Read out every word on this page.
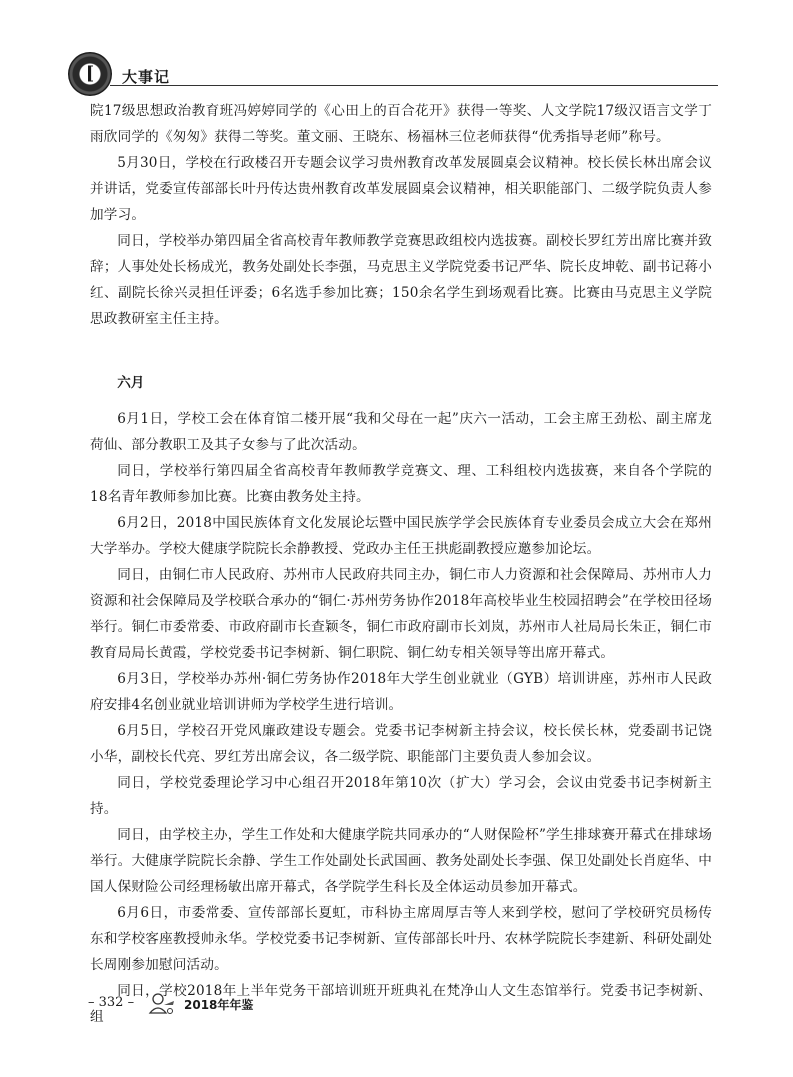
[ 大事记

院17级思想政治教育班冯婷婷同学的《心田上的百合花开》获得一等奖、人文学院17级汉语言文学丁雨欣同学的《匆匆》获得二等奖。董文丽、王晓东、杨福林三位老师获得“优秀指导老师”称号。

5月30日，学校在行政楼召开专题会议学习贵州教育改革发展圆桌会议精神。校长侯长林出席会议并讲话，党委宣传部部长叶丹传达贵州教育改革发展圆桌会议精神，相关职能部门、二级学院负责人参加学习。

同日，学校举办第四届全省高校青年教师教学竞赛思政组校内选拔赛。副校长罗红芳出席比赛并致辞；人事处处长杨成光，教务处副处长李强，马克思主义学院党委书记严华、院长皮坤乾、副书记蒋小红、副院长徐兴灵担任评委；6名选手参加比赛；150余名学生到场观看比赛。比赛由马克思主义学院思政教研室主任主持。

六月

6月1日，学校工会在体育馆二楼开展“我和父母在一起”庆六一活动，工会主席王劲松、副主席龙荷仙、部分教职工及其子女参与了此次活动。

同日，学校举行第四届全省高校青年教师教学竞赛文、理、工科组校内选拔赛，来自各个学院的18名青年教师参加比赛。比赛由教务处主持。

6月2日，2018中国民族体育文化发展论坛暨中国民族学学会民族体育专业委员会成立大会在郑州大学举办。学校大健康学院院长余静教授、党政办主任王拱彪副教授应邀参加论坛。

同日，由铜仁市人民政府、苏州市人民政府共同主办，铜仁市人力资源和社会保障局、苏州市人力资源和社会保障局及学校联合承办的“铜仁·苏州劳务协作2018年高校毕业生校园招聘会”在学校田径场举行。铜仁市委常委、市政府副市长查颖冬，铜仁市政府副市长刘岚，苏州市人社局局长朱正，铜仁市教育局局长黄霞，学校党委书记李树新、铜仁职院、铜仁幼专相关领导等出席开幕式。

6月3日，学校举办苏州·铜仁劳务协作2018年大学生创业就业（GYB）培训讲座，苏州市人民政府安排4名创业就业培训讲师为学校学生进行培训。

6月5日，学校召开党风廉政建设专题会。党委书记李树新主持会议，校长侯长林，党委副书记饶小华，副校长代亮、罗红芳出席会议，各二级学院、职能部门主要负责人参加会议。

同日，学校党委理论学习中心组召开2018年第10次（扩大）学习会，会议由党委书记李树新主持。

同日，由学校主办，学生工作处和大健康学院共同承办的“人财保险杯”学生排球赛开幕式在排球场举行。大健康学院院长余静、学生工作处副处长武国画、教务处副处长李强、保卫处副处长肖庭华、中国人保财险公司经理杨敏出席开幕式，各学院学生科长及全体运动员参加开幕式。

6月6日，市委常委、宣传部部长夏虹，市科协主席周厚吉等人来到学校，慰问了学校研究员杨传东和学校客座教授帅永华。学校党委书记李树新、宣传部部长叶丹、农林学院院长李建新、科研处副处长周刚参加慰问活动。

同日，学校2018年上半年党务干部培训班开班典礼在梵净山人文生态馆举行。党委书记李树新、组

– 332 –	2018年年鉴
